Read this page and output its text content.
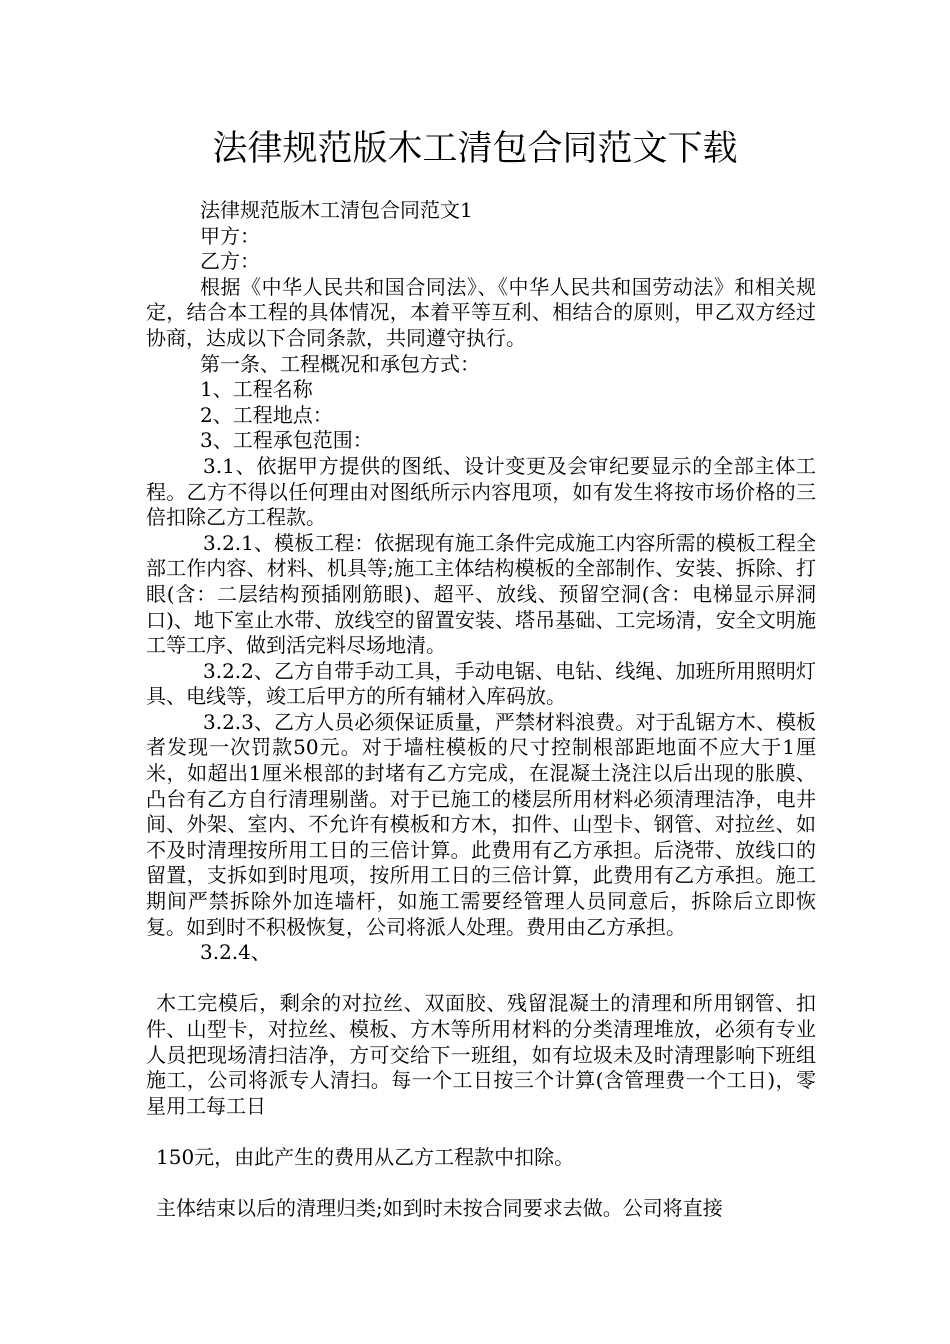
法律规范版木工清包合同范文下载

法律规范版木工清包合同范文1

甲方：

乙方：

根据《中华人民共和国合同法》、《中华人民共和国劳动法》和相关规定，结合本工程的具体情况，本着平等互利、相结合的原则，甲乙双方经过协商，达成以下合同条款，共同遵守执行。

第一条、工程概况和承包方式：

1、工程名称

2、工程地点：

3、工程承包范围：

3.1、依据甲方提供的图纸、设计变更及会审纪要显示的全部主体工程。乙方不得以任何理由对图纸所示内容甩项，如有发生将按市场价格的三倍扣除乙方工程款。

3.2.1、模板工程：依据现有施工条件完成施工内容所需的模板工程全部工作内容、材料、机具等;施工主体结构模板的全部制作、安装、拆除、打眼(含：二层结构预插刚筋眼)、超平、放线、预留空洞(含：电梯显示屏洞口)、地下室止水带、放线空的留置安装、塔吊基础、工完场清，安全文明施工等工序、做到活完料尽场地清。

3.2.2、乙方自带手动工具，手动电锯、电钻、线绳、加班所用照明灯具、电线等，竣工后甲方的所有辅材入库码放。

3.2.3、乙方人员必须保证质量，严禁材料浪费。对于乱锯方木、模板者发现一次罚款50元。对于墙柱模板的尺寸控制根部距地面不应大于1厘米，如超出1厘米根部的封堵有乙方完成，在混凝土浇注以后出现的胀膜、凸台有乙方自行清理剔凿。对于已施工的楼层所用材料必须清理洁净，电井间、外架、室内、不允许有模板和方木，扣件、山型卡、钢管、对拉丝、如不及时清理按所用工日的三倍计算。此费用有乙方承担。后浇带、放线口的留置，支拆如到时甩项，按所用工日的三倍计算，此费用有乙方承担。施工期间严禁拆除外加连墙杆，如施工需要经管理人员同意后，拆除后立即恢复。如到时不积极恢复，公司将派人处理。费用由乙方承担。

3.2.4、

木工完模后，剩余的对拉丝、双面胶、残留混凝土的清理和所用钢管、扣件、山型卡，对拉丝、模板、方木等所用材料的分类清理堆放，必须有专业人员把现场清扫洁净，方可交给下一班组，如有垃圾未及时清理影响下班组施工，公司将派专人清扫。每一个工日按三个计算(含管理费一个工日)，零星用工每工日

150元，由此产生的费用从乙方工程款中扣除。

主体结束以后的清理归类;如到时未按合同要求去做。公司将直接
